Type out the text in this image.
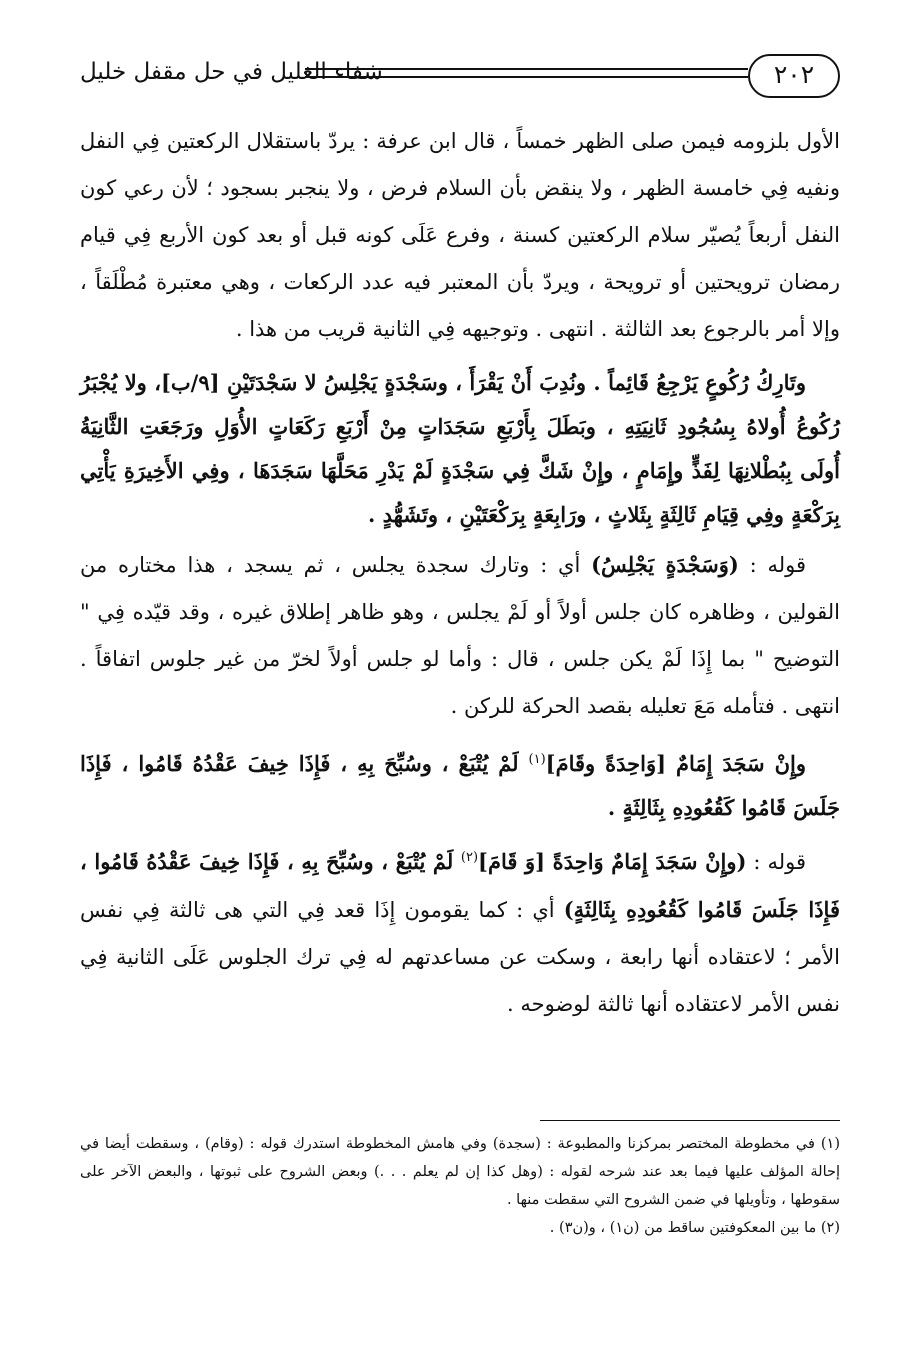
٢٠٢
شفاء الغليل في حل مقفل خليل

الأول بلزومه فيمن صلى الظهر خمساً ، قال ابن عرفة : يردّ باستقلال الركعتين فِي النفل ونفيه فِي خامسة الظهر ، ولا ينقض بأن السلام فرض ، ولا ينجبر بسجود ؛ لأن رعي كون النفل أربعاً يُصيّر سلام الركعتين كسنة ، وفرع عَلَى كونه قبل أو بعد كون الأربع فِي قيام رمضان ترويحتين أو ترويحة ، ويردّ بأن المعتبر فيه عدد الركعات ، وهي معتبرة مُطْلَقاً ، وإلا أمر بالرجوع بعد الثالثة . انتهى . وتوجيهه فِي الثانية قريب من هذا .

وتَارِكُ رُكُوعٍ يَرْجِعُ قَائِماً . ونُدِبَ أَنْ يَقْرَأَ ، وسَجْدَةٍ يَجْلِسُ لا سَجْدَتَيْنِ [٩/ب]، ولا يُجْبَرُ رُكُوعُ أُولاهُ بِسُجُودِ ثَانِيَتِهِ ، وبَطَلَ بِأَرْبَعِ سَجَدَاتٍ مِنْ أَرْبَعِ رَكَعَاتٍ الأُوَلِ ورَجَعَتِ الثَّانِيَةُ أُولَى بِبُطْلانِهَا لِفَذٍّ وإِمَامٍ ، وإِنْ شَكَّ فِي سَجْدَةٍ لَمْ يَدْرِ مَحَلَّهَا سَجَدَهَا ، وفِي الأَخِيرَةِ يَأْتِي بِرَكْعَةٍ وفِي قِيَامِ ثَالِثَةٍ بِثَلاثٍ ، ورَابِعَةٍ بِرَكْعَتَيْنِ ، وتَشَهُّدٍ .

قوله : (وَسَجْدَةٍ يَجْلِسُ) أي : وتارك سجدة يجلس ، ثم يسجد ، هذا مختاره من القولين ، وظاهره كان جلس أولاً أو لَمْ يجلس ، وهو ظاهر إطلاق غيره ، وقد قيّده فِي " التوضيح " بما إِذَا لَمْ يكن جلس ، قال : وأما لو جلس أولاً لخرّ من غير جلوس اتفاقاً . انتهى . فتأمله مَعَ تعليله بقصد الحركة للركن .

وإِنْ سَجَدَ إِمَامٌ [وَاحِدَةً وقَامَ]$^{(١)}$ لَمْ يُتْبَعْ ، وسُبِّحَ بِهِ ، فَإِذَا خِيفَ عَقْدُهُ قَامُوا ، فَإِذَا جَلَسَ قَامُوا كَقُعُودِهِ بِثَالِثَةٍ .

قوله : (وإِنْ سَجَدَ إِمَامٌ وَاحِدَةً [وَ قَامَ]$^{(٢)}$ لَمْ يُتْبَعْ ، وسُبِّحَ بِهِ ، فَإِذَا خِيفَ عَقْدُهُ قَامُوا ، فَإِذَا جَلَسَ قَامُوا كَقُعُودِهِ بِثَالِثَةٍ) أي : كما يقومون إِذَا قعد فِي التي هى ثالثة فِي نفس الأمر ؛ لاعتقاده أنها رابعة ، وسكت عن مساعدتهم له فِي ترك الجلوس عَلَى الثانية فِي نفس الأمر لاعتقاده أنها ثالثة لوضوحه .

(١) في مخطوطة المختصر بمركزنا والمطبوعة : (سجدة) وفي هامش المخطوطة استدرك قوله : (وقام) ، وسقطت أيضا في إحالة المؤلف عليها فيما بعد عند شرحه لقوله : (وهل كذا إن لم يعلم . . .) وبعض الشروح على ثبوتها ، والبعض الآخر على سقوطها ، وتأويلها في ضمن الشروح التي سقطت منها .

(٢) ما بين المعكوفتين ساقط من (ن١) ، و(ن٣) .
